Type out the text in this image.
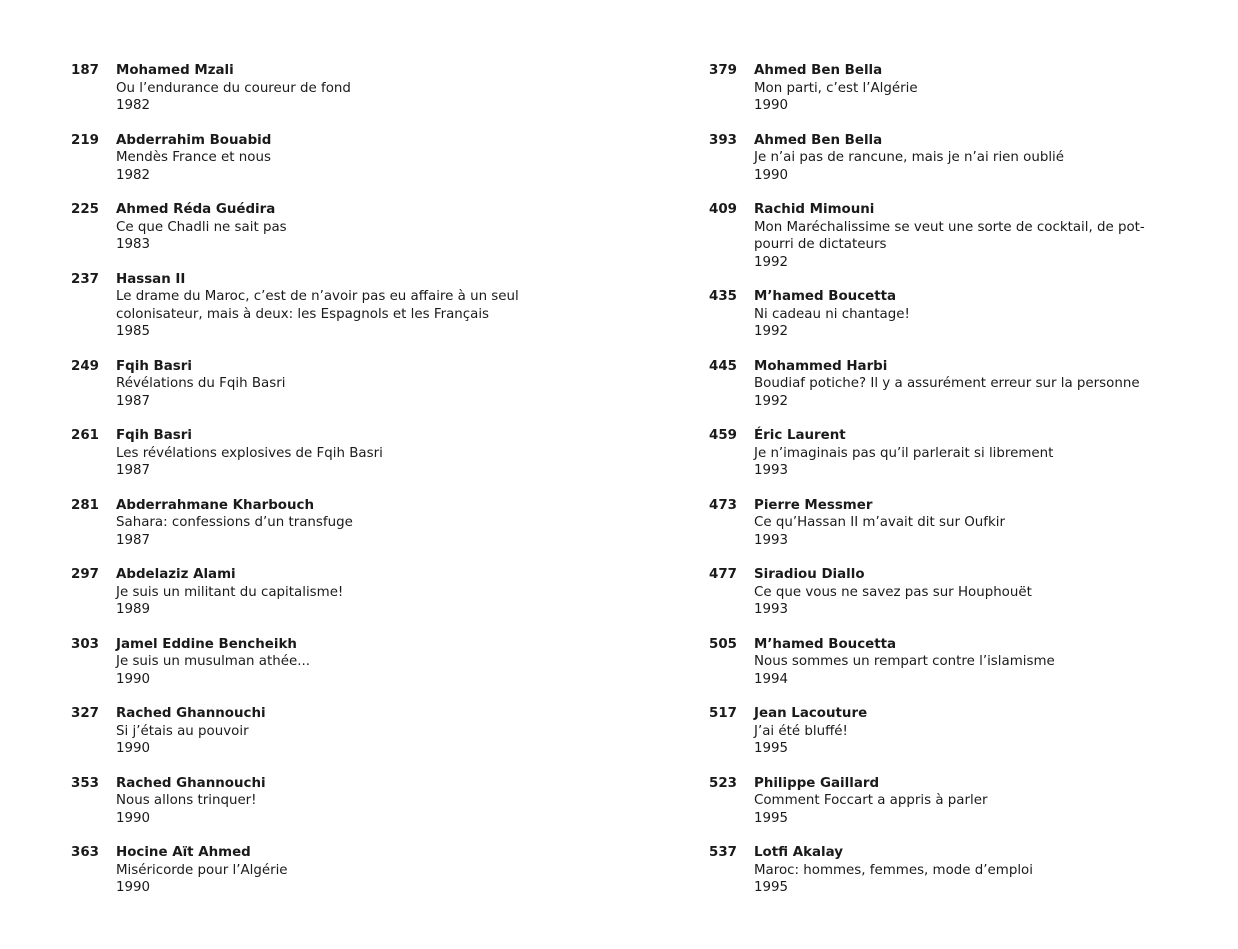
187 Mohamed Mzali
Ou l’endurance du coureur de fond
1982
219 Abderrahim Bouabid
Mendès France et nous
1982
225 Ahmed Réda Guédira
Ce que Chadli ne sait pas
1983
237 Hassan II
Le drame du Maroc, c’est de n’avoir pas eu affaire à un seul colonisateur, mais à deux: les Espagnols et les Français
1985
249 Fqih Basri
Révélations du Fqih Basri
1987
261 Fqih Basri
Les révélations explosives de Fqih Basri
1987
281 Abderrahmane Kharbouch
Sahara: confessions d’un transfuge
1987
297 Abdelaziz Alami
Je suis un militant du capitalisme!
1989
303 Jamel Eddine Bencheikh
Je suis un musulman athée...
1990
327 Rached Ghannouchi
Si j’étais au pouvoir
1990
353 Rached Ghannouchi
Nous allons trinquer!
1990
363 Hocine Aït Ahmed
Miséricorde pour l’Algérie
1990
379 Ahmed Ben Bella
Mon parti, c’est l’Algérie
1990
393 Ahmed Ben Bella
Je n’ai pas de rancune, mais je n’ai rien oublié
1990
409 Rachid Mimouni
Mon Maréchalissime se veut une sorte de cocktail, de pot-pourri de dictateurs
1992
435 M’hamed Boucetta
Ni cadeau ni chantage!
1992
445 Mohammed Harbi
Boudiaf potiche? Il y a assurément erreur sur la personne
1992
459 Éric Laurent
Je n’imaginais pas qu’il parlerait si librement
1993
473 Pierre Messmer
Ce qu’Hassan II m’avait dit sur Oufkir
1993
477 Siradiou Diallo
Ce que vous ne savez pas sur Houphouët
1993
505 M’hamed Boucetta
Nous sommes un rempart contre l’islamisme
1994
517 Jean Lacouture
J’ai été bluffé!
1995
523 Philippe Gaillard
Comment Foccart a appris à parler
1995
537 Lotfi Akalay
Maroc: hommes, femmes, mode d’emploi
1995
